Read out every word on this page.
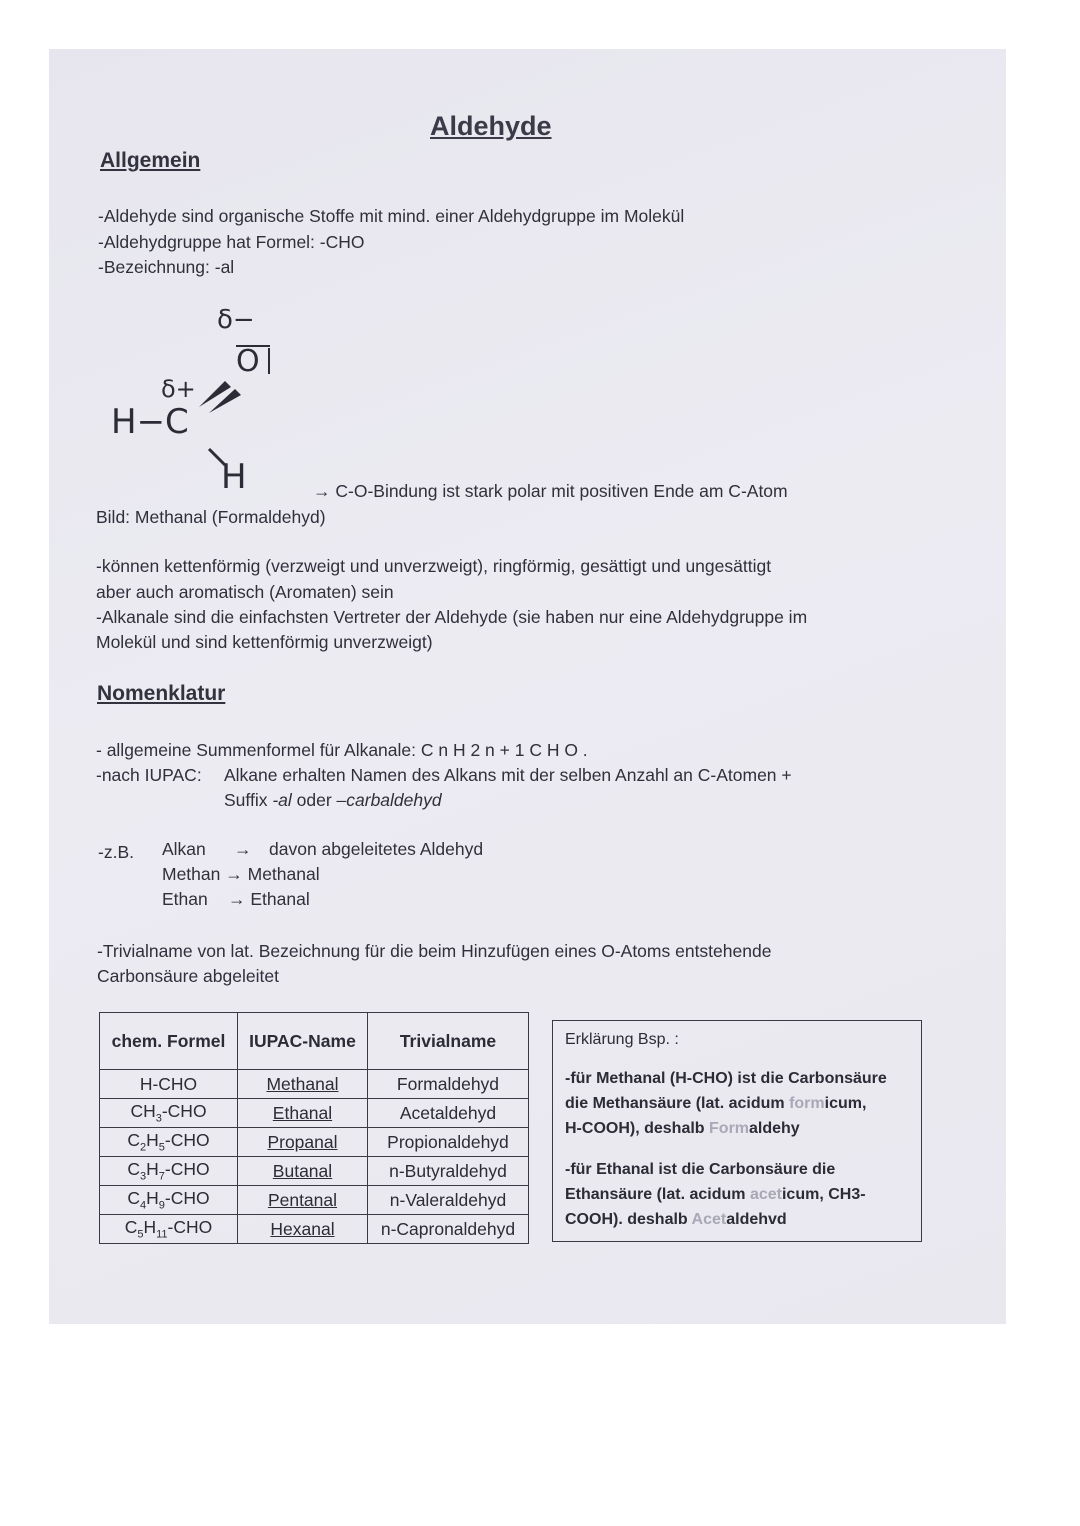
Aldehyde
Allgemein
-Aldehyde sind organische Stoffe mit mind. einer Aldehydgruppe im Molekül
-Aldehydgruppe hat Formel: -CHO
-Bezeichnung: -al
δ−
O
δ+
H−C
H	→ C-O-Bindung ist stark polar mit positiven Ende am C-Atom
Bild: Methanal (Formaldehyd)
-können kettenförmig (verzweigt und unverzweigt), ringförmig, gesättigt und ungesättigt
aber auch aromatisch (Aromaten) sein
-Alkanale sind die einfachsten Vertreter der Aldehyde (sie haben nur eine Aldehydgruppe im
Molekül und sind kettenförmig unverzweigt)
Nomenklatur
- allgemeine Summenformel für Alkanale: C n H 2 n + 1 C H O .
-nach IUPAC: Alkane erhalten Namen des Alkans mit der selben Anzahl an C-Atomen +
Suffix -al oder –carbaldehyd
-z.B. Alkan → davon abgeleitetes Aldehyd
Methan → Methanal
Ethan → Ethanal
-Trivialname von lat. Bezeichnung für die beim Hinzufügen eines O-Atoms entstehende
Carbonsäure abgeleitet
chem. Formel	IUPAC-Name	Trivialname
H-CHO	Methanal	Formaldehyd
$CH_3$-CHO	Ethanal	Acetaldehyd
$C_2H_5$-CHO	Propanal	Propionaldehyd
$C_3H_7$-CHO	Butanal	n-Butyraldehyd
$C_4H_9$-CHO	Pentanal	n-Valeraldehyd
$C_5H_{11}$-CHO	Hexanal	n-Capronaldehyd
Erklärung Bsp. :
-für Methanal (H-CHO) ist die Carbonsäure
die Methansäure (lat. acidum formicum,
H-COOH), deshalb Formaldehy
-für Ethanal ist die Carbonsäure die
Ethansäure (lat. acidum aceticum, CH3-
COOH). deshalb Acetaldehvd
